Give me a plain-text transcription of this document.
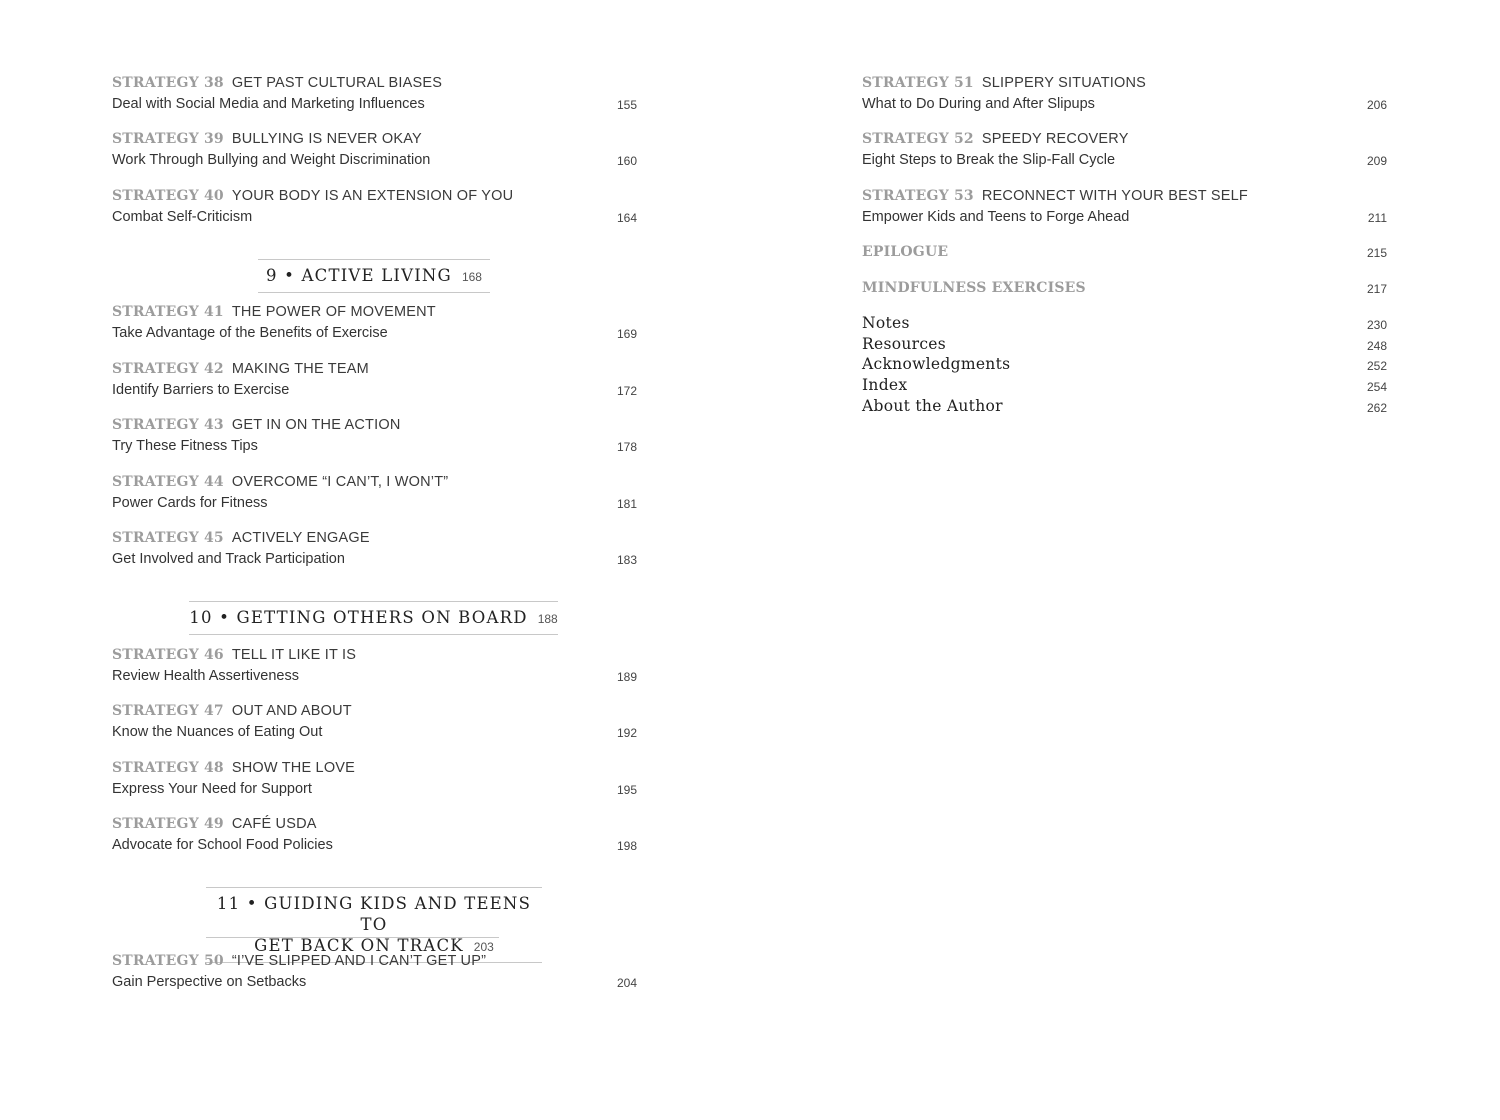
STRATEGY 38 GET PAST CULTURAL BIASES
Deal with Social Media and Marketing Influences	155
STRATEGY 39 BULLYING IS NEVER OKAY
Work Through Bullying and Weight Discrimination	160
STRATEGY 40 YOUR BODY IS AN EXTENSION OF YOU
Combat Self-Criticism	164
9 • ACTIVE LIVING 168
STRATEGY 41 THE POWER OF MOVEMENT
Take Advantage of the Benefits of Exercise	169
STRATEGY 42 MAKING THE TEAM
Identify Barriers to Exercise	172
STRATEGY 43 GET IN ON THE ACTION
Try These Fitness Tips	178
STRATEGY 44 OVERCOME “I CAN’T, I WON’T”
Power Cards for Fitness	181
STRATEGY 45 ACTIVELY ENGAGE
Get Involved and Track Participation	183
10 • GETTING OTHERS ON BOARD 188
STRATEGY 46 TELL IT LIKE IT IS
Review Health Assertiveness	189
STRATEGY 47 OUT AND ABOUT
Know the Nuances of Eating Out	192
STRATEGY 48 SHOW THE LOVE
Express Your Need for Support	195
STRATEGY 49 CAFÉ USDA
Advocate for School Food Policies	198
11 • GUIDING KIDS AND TEENS TO
GET BACK ON TRACK 203
STRATEGY 50 “I’VE SLIPPED AND I CAN’T GET UP”
Gain Perspective on Setbacks	204
STRATEGY 51 SLIPPERY SITUATIONS
What to Do During and After Slipups	206
STRATEGY 52 SPEEDY RECOVERY
Eight Steps to Break the Slip-Fall Cycle	209
STRATEGY 53 RECONNECT WITH YOUR BEST SELF
Empower Kids and Teens to Forge Ahead	211
EPILOGUE	215
MINDFULNESS EXERCISES	217
Notes	230
Resources	248
Acknowledgments	252
Index	254
About the Author	262
